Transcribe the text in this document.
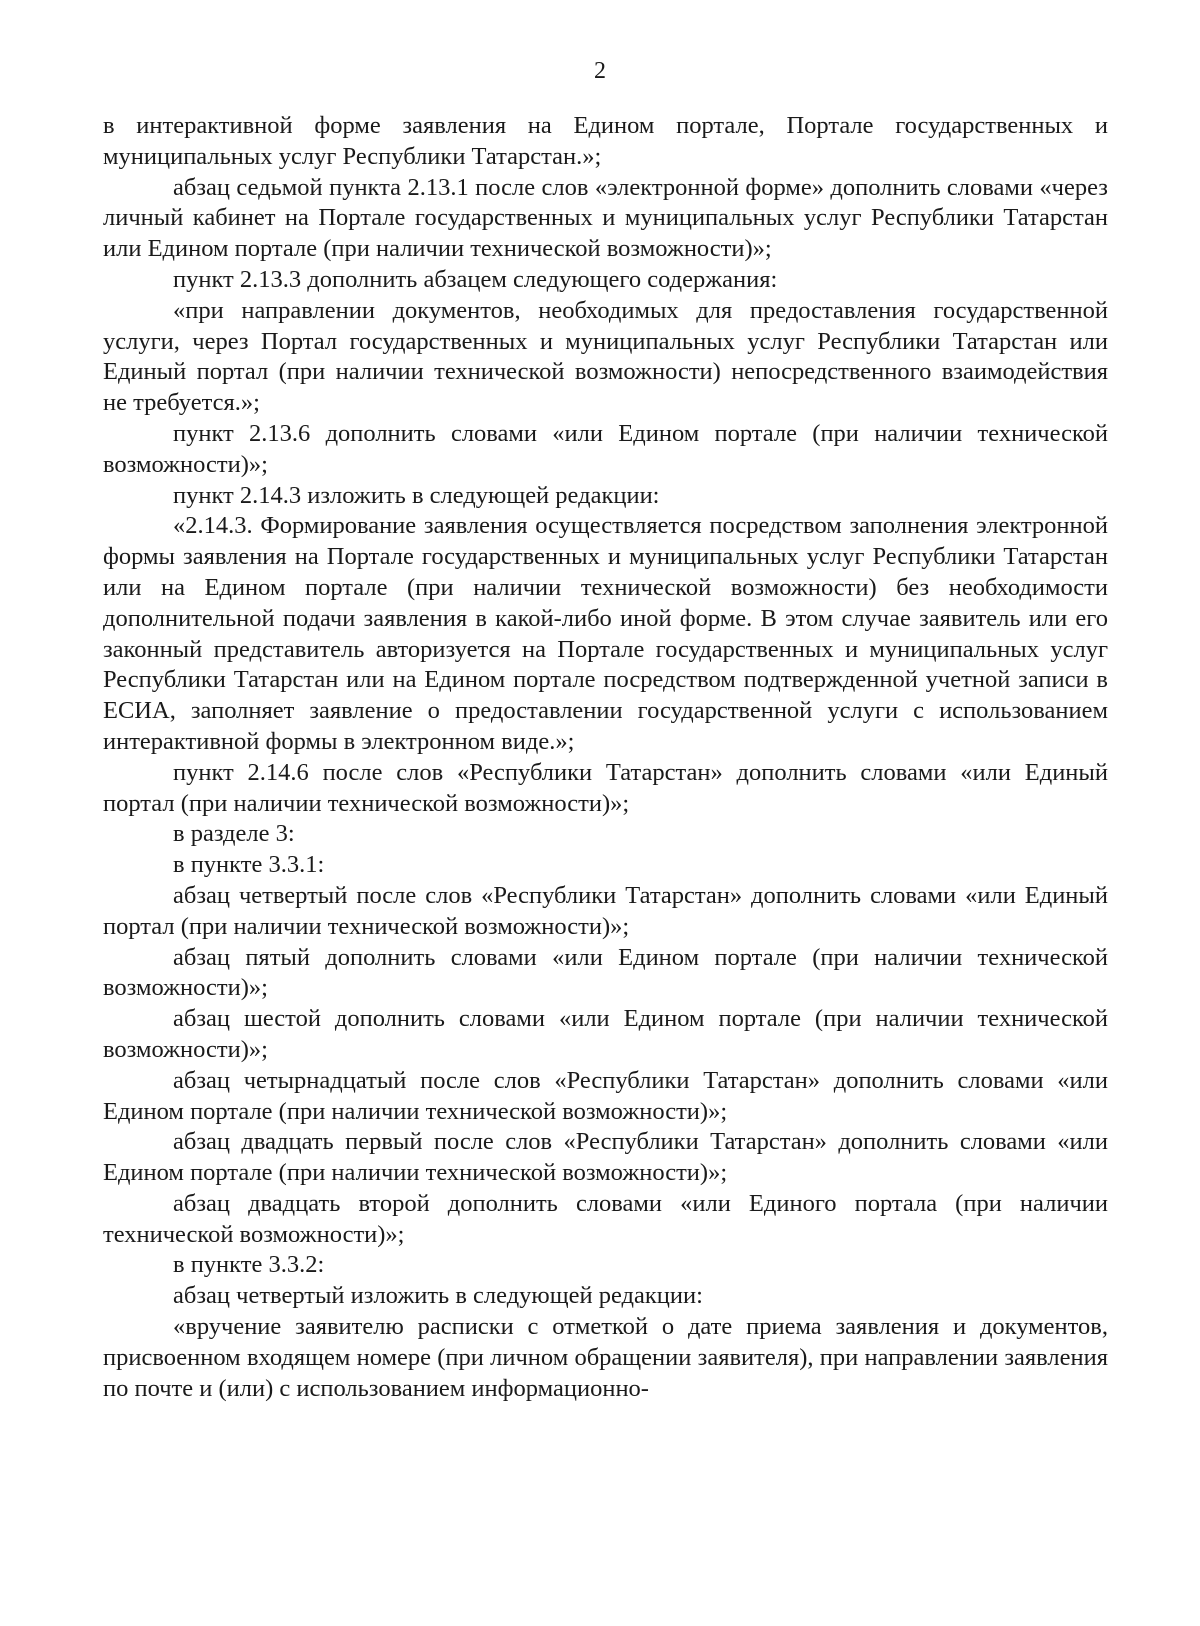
2

в интерактивной форме заявления на Едином портале, Портале государственных и муниципальных услуг Республики Татарстан.»;

абзац седьмой пункта 2.13.1 после слов «электронной форме» дополнить словами «через личный кабинет на Портале государственных и муниципальных услуг Республики Татарстан или Едином портале (при наличии технической возможности)»;

пункт 2.13.3 дополнить абзацем следующего содержания:

«при направлении документов, необходимых для предоставления государственной услуги, через Портал государственных и муниципальных услуг Республики Татарстан или Единый портал (при наличии технической возможности) непосредственного взаимодействия не требуется.»;

пункт 2.13.6 дополнить словами «или Едином портале (при наличии технической возможности)»;

пункт 2.14.3 изложить в следующей редакции:

«2.14.3. Формирование заявления осуществляется посредством заполнения электронной формы заявления на Портале государственных и муниципальных услуг Республики Татарстан или на Едином портале (при наличии технической возможности) без необходимости дополнительной подачи заявления в какой-либо иной форме. В этом случае заявитель или его законный представитель авторизуется на Портале государственных и муниципальных услуг Республики Татарстан или на Едином портале посредством подтвержденной учетной записи в ЕСИА, заполняет заявление о предоставлении государственной услуги с использованием интерактивной формы в электронном виде.»;

пункт 2.14.6 после слов «Республики Татарстан» дополнить словами «или Единый портал (при наличии технической возможности)»;

в разделе 3:

в пункте 3.3.1:

абзац четвертый после слов «Республики Татарстан» дополнить словами «или Единый портал (при наличии технической возможности)»;

абзац пятый дополнить словами «или Едином портале (при наличии технической возможности)»;

абзац шестой дополнить словами «или Едином портале (при наличии технической возможности)»;

абзац четырнадцатый после слов «Республики Татарстан» дополнить словами «или Едином портале (при наличии технической возможности)»;

абзац двадцать первый после слов «Республики Татарстан» дополнить словами «или Едином портале (при наличии технической возможности)»;

абзац двадцать второй дополнить словами «или Единого портала (при наличии технической возможности)»;

в пункте 3.3.2:

абзац четвертый изложить в следующей редакции:

«вручение заявителю расписки с отметкой о дате приема заявления и документов, присвоенном входящем номере (при личном обращении заявителя), при направлении заявления по почте и (или) с использованием информационно-
